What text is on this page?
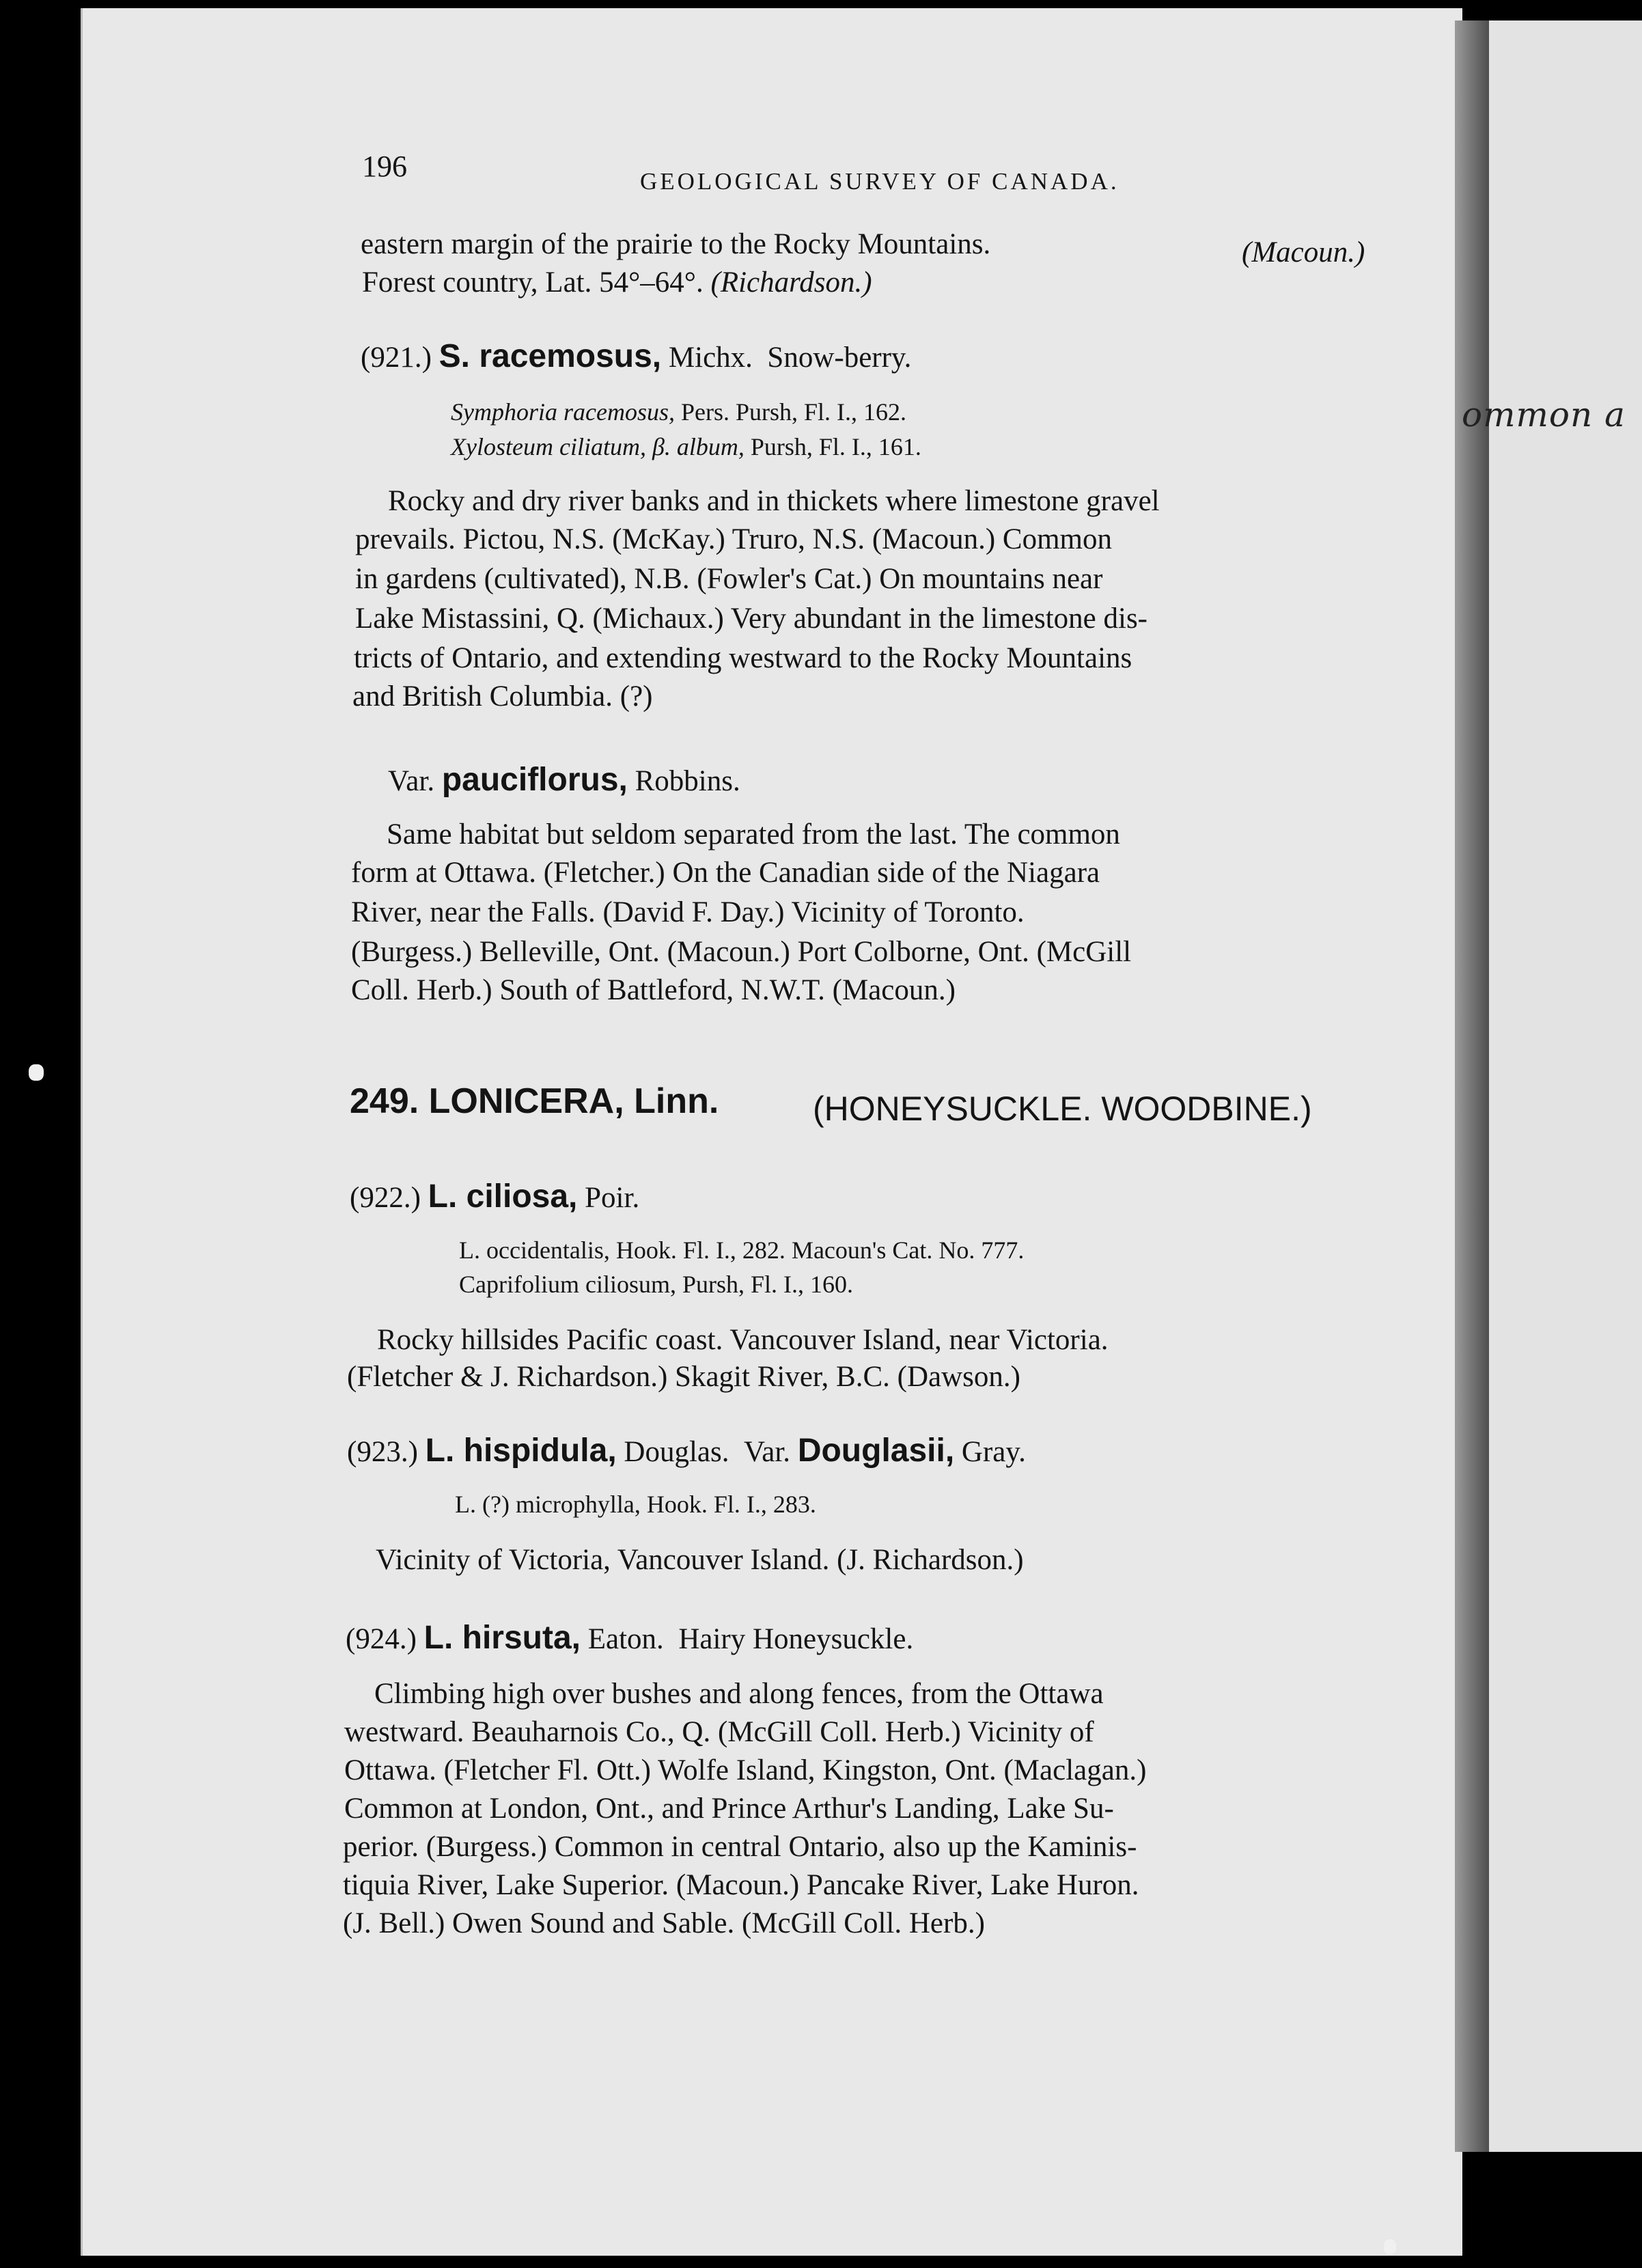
ommon a
196	GEOLOGICAL SURVEY OF CANADA.
eastern margin of the prairie to the Rocky Mountains.	(Macoun.)
Forest country, Lat. 54°–64°. (Richardson.)
(921.) S. racemosus, Michx. Snow-berry.
Symphoria racemosus, Pers. Pursh, Fl. I., 162.
Xylosteum ciliatum, β. album, Pursh, Fl. I., 161.
Rocky and dry river banks and in thickets where limestone gravel
prevails. Pictou, N.S. (McKay.) Truro, N.S. (Macoun.) Common
in gardens (cultivated), N.B. (Fowler's Cat.) On mountains near
Lake Mistassini, Q. (Michaux.) Very abundant in the limestone dis-
tricts of Ontario, and extending westward to the Rocky Mountains
and British Columbia. (?)
Var. pauciflorus, Robbins.
Same habitat but seldom separated from the last. The common
form at Ottawa. (Fletcher.) On the Canadian side of the Niagara
River, near the Falls. (David F. Day.) Vicinity of Toronto.
(Burgess.) Belleville, Ont. (Macoun.) Port Colborne, Ont. (McGill
Coll. Herb.) South of Battleford, N.W.T. (Macoun.)
249. LONICERA, Linn.	(HONEYSUCKLE. WOODBINE.)
(922.) L. ciliosa, Poir.
L. occidentalis, Hook. Fl. I., 282. Macoun's Cat. No. 777.
Caprifolium ciliosum, Pursh, Fl. I., 160.
Rocky hillsides Pacific coast. Vancouver Island, near Victoria.
(Fletcher & J. Richardson.) Skagit River, B.C. (Dawson.)
(923.) L. hispidula, Douglas. Var. Douglasii, Gray.
L. (?) microphylla, Hook. Fl. I., 283.
Vicinity of Victoria, Vancouver Island. (J. Richardson.)
(924.) L. hirsuta, Eaton. Hairy Honeysuckle.
Climbing high over bushes and along fences, from the Ottawa
westward. Beauharnois Co., Q. (McGill Coll. Herb.) Vicinity of
Ottawa. (Fletcher Fl. Ott.) Wolfe Island, Kingston, Ont. (Maclagan.)
Common at London, Ont., and Prince Arthur's Landing, Lake Su-
perior. (Burgess.) Common in central Ontario, also up the Kaminis-
tiquia River, Lake Superior. (Macoun.) Pancake River, Lake Huron.
(J. Bell.) Owen Sound and Sable. (McGill Coll. Herb.)
